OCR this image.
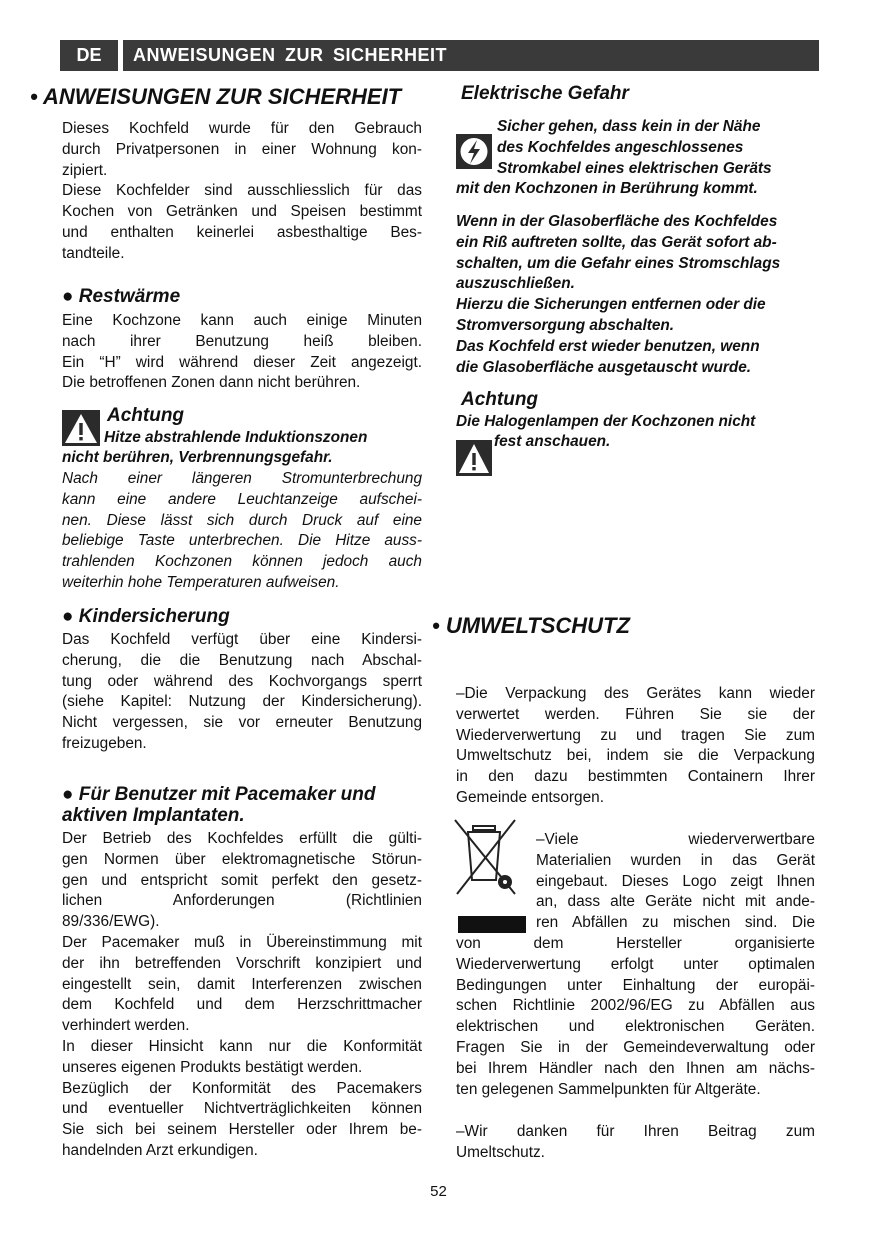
DE	ANWEISUNGEN ZUR SICHERHEIT
• ANWEISUNGEN ZUR SICHERHEIT
Dieses Kochfeld wurde für den Gebrauch
durch Privatpersonen in einer Wohnung kon-
zipiert.
Diese Kochfelder sind ausschliesslich für das
Kochen von Getränken und Speisen bestimmt
und enthalten keinerlei asbesthaltige Bes-
tandteile.
● Restwärme
Eine Kochzone kann auch einige Minuten
nach ihrer Benutzung heiß bleiben.
Ein “H” wird während dieser Zeit angezeigt.
Die betroffenen Zonen dann nicht berühren.
Achtung
Hitze abstrahlende Induktionszonen
nicht berühren, Verbrennungsgefahr.
Nach einer längeren Stromunterbrechung
kann eine andere Leuchtanzeige aufschei-
nen. Diese lässt sich durch Druck auf eine
beliebige Taste unterbrechen. Die Hitze auss-
trahlenden Kochzonen können jedoch auch
weiterhin hohe Temperaturen aufweisen.
● Kindersicherung
Das Kochfeld verfügt über eine Kindersi-
cherung, die die Benutzung nach Abschal-
tung oder während des Kochvorgangs sperrt
(siehe Kapitel: Nutzung der Kindersicherung).
Nicht vergessen, sie vor erneuter Benutzung
freizugeben.
● Für Benutzer mit Pacemaker und
aktiven Implantaten.
Der Betrieb des Kochfeldes erfüllt die gülti-
gen Normen über elektromagnetische Störun-
gen und entspricht somit perfekt den gesetz-
lichen Anforderungen (Richtlinien
89/336/EWG).
Der Pacemaker muß in Übereinstimmung mit
der ihn betreffenden Vorschrift konzipiert und
eingestellt sein, damit Interferenzen zwischen
dem Kochfeld und dem Herzschrittmacher
verhindert werden.
In dieser Hinsicht kann nur die Konformität
unseres eigenen Produkts bestätigt werden.
Bezüglich der Konformität des Pacemakers
und eventueller Nichtverträglichkeiten können
Sie sich bei seinem Hersteller oder Ihrem be-
handelnden Arzt erkundigen.
Elektrische Gefahr
Sicher gehen, dass kein in der Nähe
des Kochfeldes angeschlossenes
Stromkabel eines elektrischen Geräts
mit den Kochzonen in Berührung kommt.
Wenn in der Glasoberfläche des Kochfeldes
ein Riß auftreten sollte, das Gerät sofort ab-
schalten, um die Gefahr eines Stromschlags
auszuschließen.
Hierzu die Sicherungen entfernen oder die
Stromversorgung abschalten.
Das Kochfeld erst wieder benutzen, wenn
die Glasoberfläche ausgetauscht wurde.
Achtung
Die Halogenlampen der Kochzonen nicht
fest anschauen.
• UMWELTSCHUTZ
–Die Verpackung des Gerätes kann wieder
verwertet werden. Führen Sie sie der
Wiederverwertung zu und tragen Sie zum
Umweltschutz bei, indem sie die Verpackung
in den dazu bestimmten Containern Ihrer
Gemeinde entsorgen.
–Viele wiederverwertbare
Materialien wurden in das Gerät
eingebaut. Dieses Logo zeigt Ihnen
an, dass alte Geräte nicht mit ande-
ren Abfällen zu mischen sind. Die
von dem Hersteller organisierte
Wiederverwertung erfolgt unter optimalen
Bedingungen unter Einhaltung der europäi-
schen Richtlinie 2002/96/EG zu Abfällen aus
elektrischen und elektronischen Geräten.
Fragen Sie in der Gemeindeverwaltung oder
bei Ihrem Händler nach den Ihnen am nächs-
ten gelegenen Sammelpunkten für Altgeräte.
–Wir danken für Ihren Beitrag zum
Umeltschutz.
52
